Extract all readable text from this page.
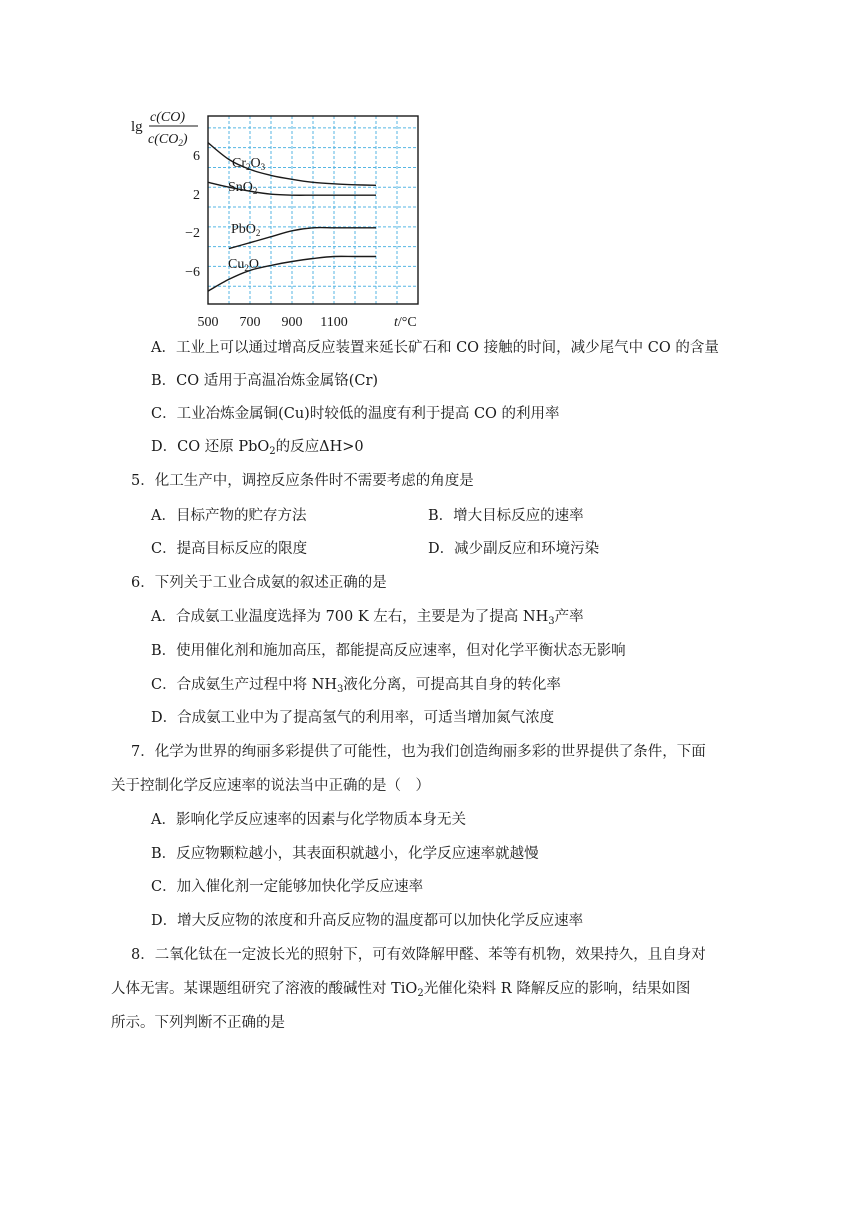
lg
c(CO)
$c(CO_2)$
6
2
−2
−6
500 700 900 1100	t/°C
$Cr_2O_3$
SnO$_2$
PbO$_2$
$Cu_2O$
A．工业上可以通过增高反应装置来延长矿石和 CO 接触的时间，减少尾气中 CO 的含量
B．CO 适用于高温冶炼金属铬(Cr)
C．工业冶炼金属铜(Cu)时较低的温度有利于提高 CO 的利用率
D．CO 还原 PbO$_2$的反应ΔH>0
5．化工生产中，调控反应条件时不需要考虑的角度是
A．目标产物的贮存方法	B．增大目标反应的速率
C．提高目标反应的限度	D．减少副反应和环境污染
6．下列关于工业合成氨的叙述正确的是
A．合成氨工业温度选择为 700 K 左右，主要是为了提高 $NH_3$产率
B．使用催化剂和施加高压，都能提高反应速率，但对化学平衡状态无影响
C．合成氨生产过程中将 $NH_3$液化分离，可提高其自身的转化率
D．合成氨工业中为了提高氢气的利用率，可适当增加氮气浓度
7．化学为世界的绚丽多彩提供了可能性，也为我们创造绚丽多彩的世界提供了条件，下面
关于控制化学反应速率的说法当中正确的是（　）
A．影响化学反应速率的因素与化学物质本身无关
B．反应物颗粒越小，其表面积就越小，化学反应速率就越慢
C．加入催化剂一定能够加快化学反应速率
D．增大反应物的浓度和升高反应物的温度都可以加快化学反应速率
8．二氧化钛在一定波长光的照射下，可有效降解甲醛、苯等有机物，效果持久，且自身对
人体无害。某课题组研究了溶液的酸碱性对 TiO$_2$光催化染料 R 降解反应的影响，结果如图
所示。下列判断不正确的是
